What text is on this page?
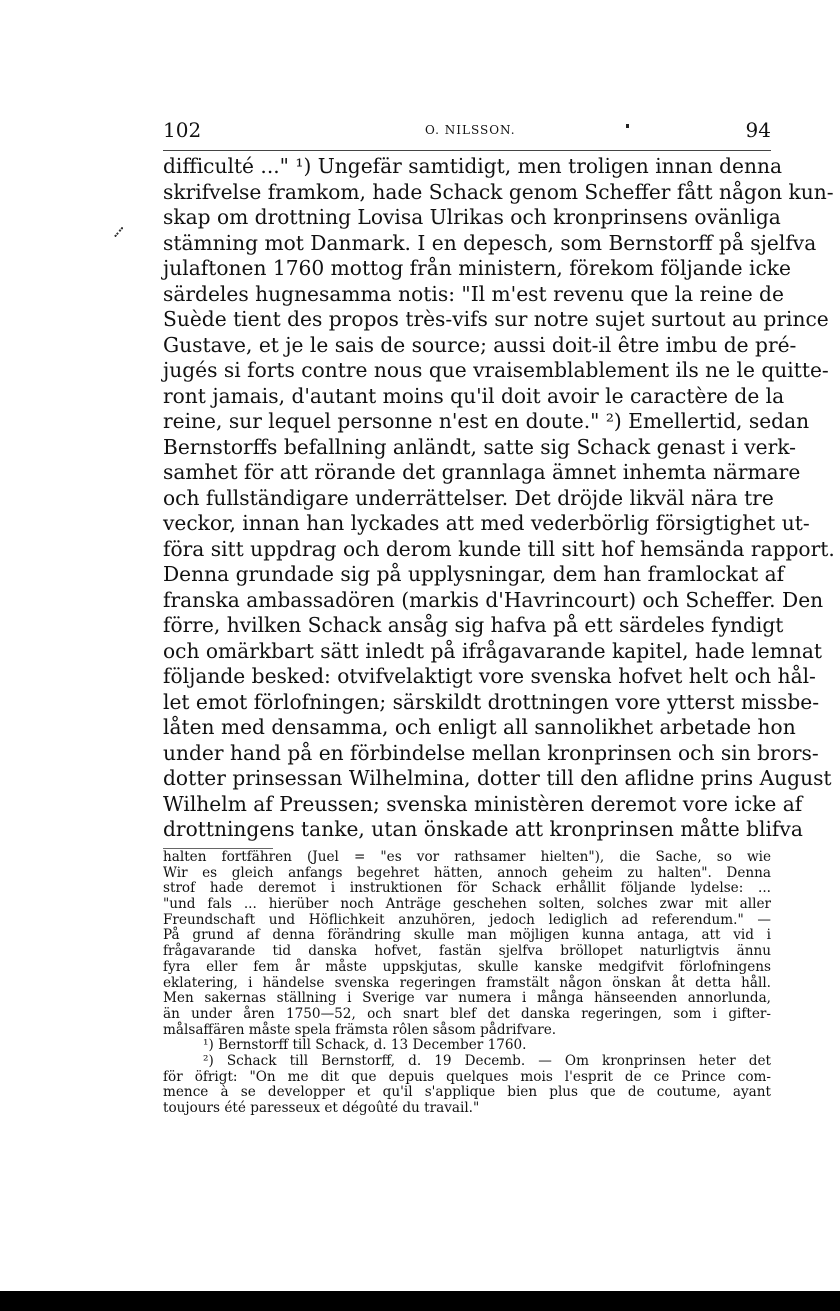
102	O. NILSSON.	94
difficulté ..." ¹) Ungefär samtidigt, men troligen innan denna
skrifvelse framkom, hade Schack genom Scheffer fått någon kun-
skap om drottning Lovisa Ulrikas och kronprinsens ovänliga
stämning mot Danmark. I en depesch, som Bernstorff på sjelfva
julaftonen 1760 mottog från ministern, förekom följande icke
särdeles hugnesamma notis: "Il m'est revenu que la reine de
Suède tient des propos très-vifs sur notre sujet surtout au prince
Gustave, et je le sais de source; aussi doit-il être imbu de pré-
jugés si forts contre nous que vraisemblablement ils ne le quitte-
ront jamais, d'autant moins qu'il doit avoir le caractère de la
reine, sur lequel personne n'est en doute." ²) Emellertid, sedan
Bernstorffs befallning anländt, satte sig Schack genast i verk-
samhet för att rörande det grannlaga ämnet inhemta närmare
och fullständigare underrättelser. Det dröjde likväl nära tre
veckor, innan han lyckades att med vederbörlig försigtighet ut-
föra sitt uppdrag och derom kunde till sitt hof hemsända rapport.
Denna grundade sig på upplysningar, dem han framlockat af
franska ambassadören (markis d'Havrincourt) och Scheffer. Den
förre, hvilken Schack ansåg sig hafva på ett särdeles fyndigt
och omärkbart sätt inledt på ifrågavarande kapitel, hade lemnat
följande besked: otvifvelaktigt vore svenska hofvet helt och hål-
let emot förlofningen; särskildt drottningen vore ytterst missbe-
låten med densamma, och enligt all sannolikhet arbetade hon
under hand på en förbindelse mellan kronprinsen och sin brors-
dotter prinsessan Wilhelmina, dotter till den aflidne prins August
Wilhelm af Preussen; svenska ministèren deremot vore icke af
drottningens tanke, utan önskade att kronprinsen måtte blifva
halten fortfähren (Juel = "es vor rathsamer hielten"), die Sache, so wie
Wir es gleich anfangs begehret hätten, annoch geheim zu halten". Denna
strof hade deremot i instruktionen för Schack erhållit följande lydelse: ...
"und fals ... hierüber noch Anträge geschehen solten, solches zwar mit aller
Freundschaft und Höflichkeit anzuhören, jedoch lediglich ad referendum." —
På grund af denna förändring skulle man möjligen kunna antaga, att vid i
frågavarande tid danska hofvet, fastän sjelfva bröllopet naturligtvis ännu
fyra eller fem år måste uppskjutas, skulle kanske medgifvit förlofningens
eklatering, i händelse svenska regeringen framstält någon önskan åt detta håll.
Men sakernas ställning i Sverige var numera i många hänseenden annorlunda,
än under åren 1750—52, och snart blef det danska regeringen, som i gifter-
målsaffären måste spela främsta rôlen såsom pådrifvare.
¹) Bernstorff till Schack, d. 13 December 1760.
²) Schack till Bernstorff, d. 19 Decemb. — Om kronprinsen heter det
för öfrigt: "On me dit que depuis quelques mois l'esprit de ce Prince com-
mence à se developper et qu'il s'applique bien plus que de coutume, ayant
toujours été paresseux et dégoûté du travail."
